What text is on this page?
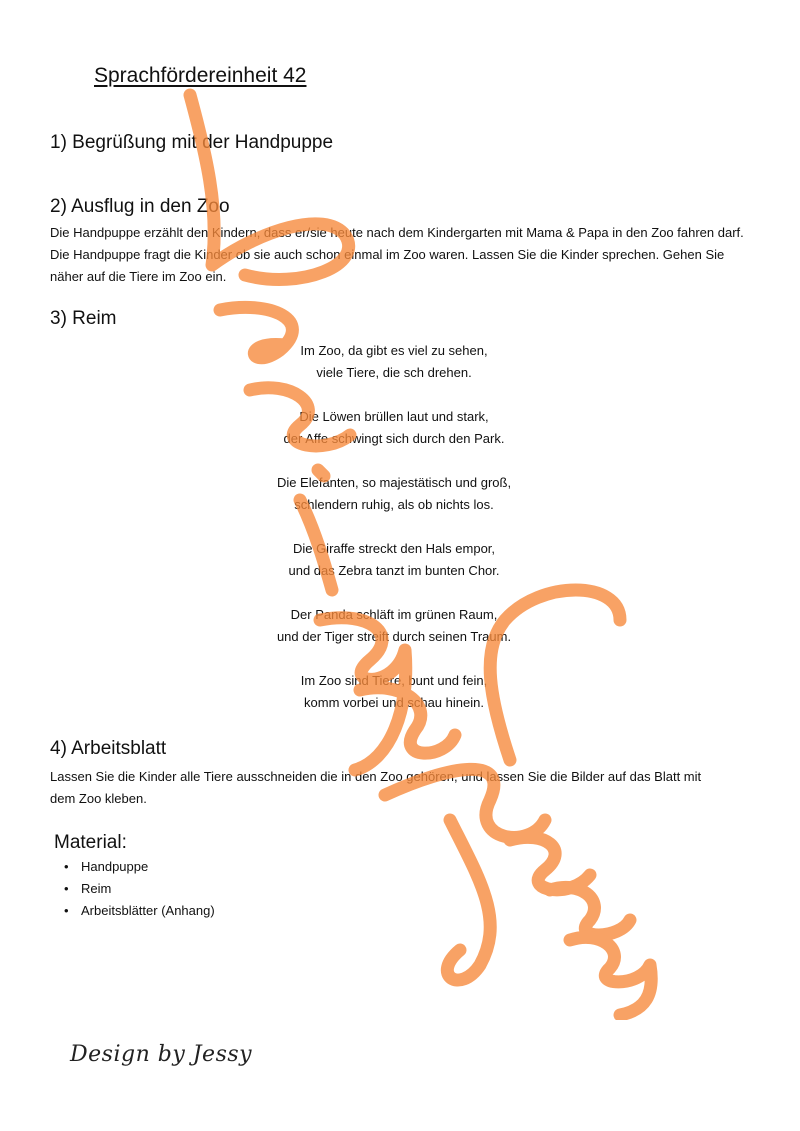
Sprachfördereinheit 42
1) Begrüßung mit der Handpuppe
2) Ausflug in den Zoo

Die Handpuppe erzählt den Kindern, dass er/sie heute nach dem Kindergarten mit Mama & Papa in den Zoo fahren darf. Die Handpuppe fragt die Kinder ob sie auch schon einmal im Zoo waren. Lassen Sie die Kinder sprechen. Gehen Sie näher auf die Tiere im Zoo ein.

3) Reim

Im Zoo, da gibt es viel zu sehen,

viele Tiere, die sch drehen.

Die Löwen brüllen laut und stark,

der Affe schwingt sich durch den Park.

Die Elefanten, so majestätisch und groß,

schlendern ruhig, als ob nichts los.

Die Giraffe streckt den Hals empor,

und das Zebra tanzt im bunten Chor.

Der Panda schläft im grünen Raum,

und der Tiger streift durch seinen Traum.

Im Zoo sind Tiere, bunt und fein,

komm vorbei und schau hinein.

4) Arbeitsblatt

Lassen Sie die Kinder alle Tiere ausschneiden die in den Zoo gehören, und lassen Sie die Bilder auf das Blatt mit dem Zoo kleben.

Material:
• Handpuppe
• Reim
• Arbeitsblätter (Anhang)
Design by Jessy
